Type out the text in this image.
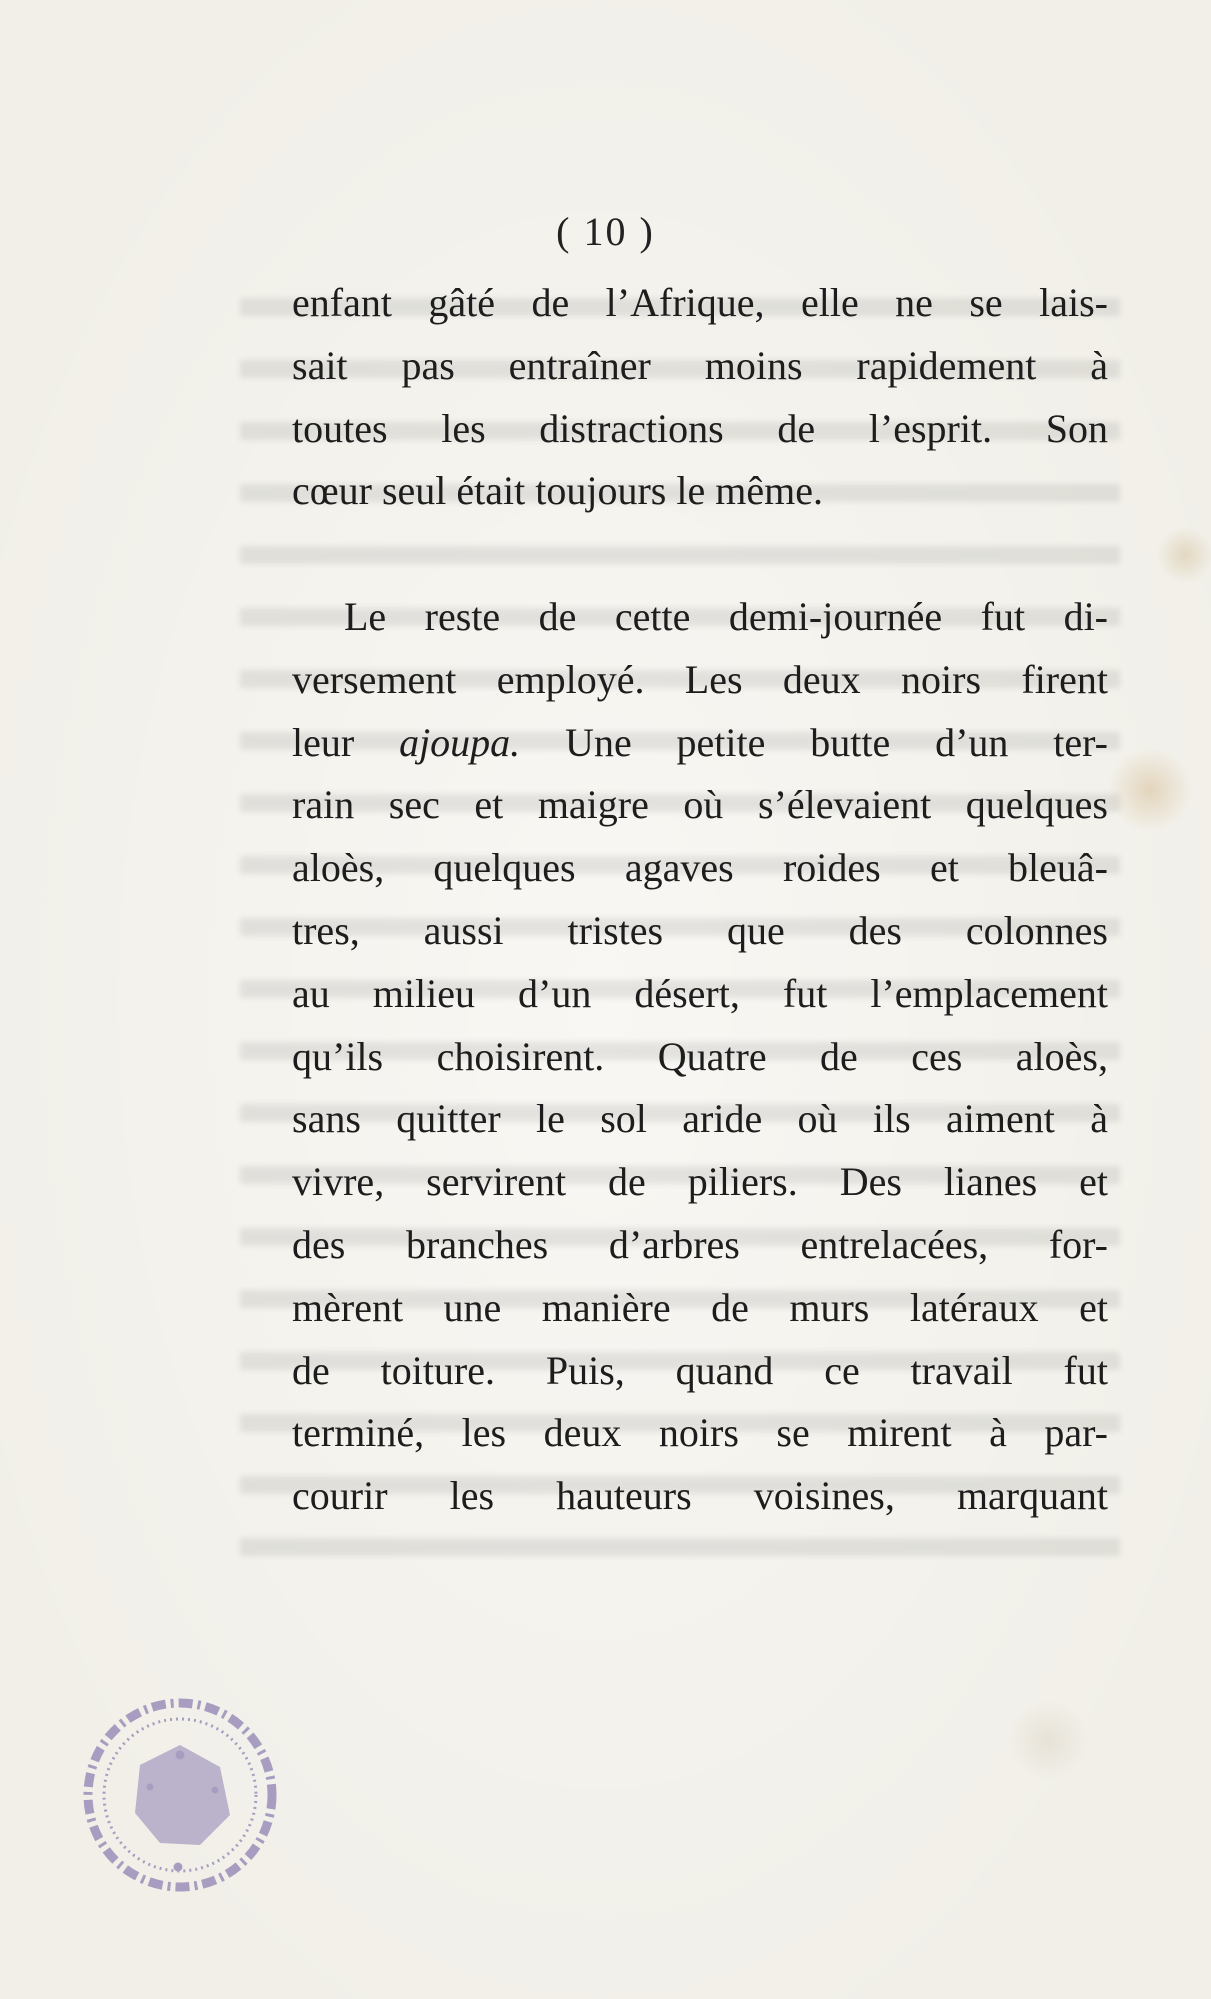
( 10 )
enfant gâté de l’Afrique, elle ne se lais-
sait pas entraîner moins rapidement à
toutes les distractions de l’esprit. Son
cœur seul était toujours le même.
Le reste de cette demi-journée fut di-
versement employé. Les deux noirs firent
leur ajoupa. Une petite butte d’un ter-
rain sec et maigre où s’élevaient quelques
aloès, quelques agaves roides et bleuâ-
tres, aussi tristes que des colonnes
au milieu d’un désert, fut l’emplacement
qu’ils choisirent. Quatre de ces aloès,
sans quitter le sol aride où ils aiment à
vivre, servirent de piliers. Des lianes et
des branches d’arbres entrelacées, for-
mèrent une manière de murs latéraux et
de toiture. Puis, quand ce travail fut
terminé, les deux noirs se mirent à par-
courir les hauteurs voisines, marquant
